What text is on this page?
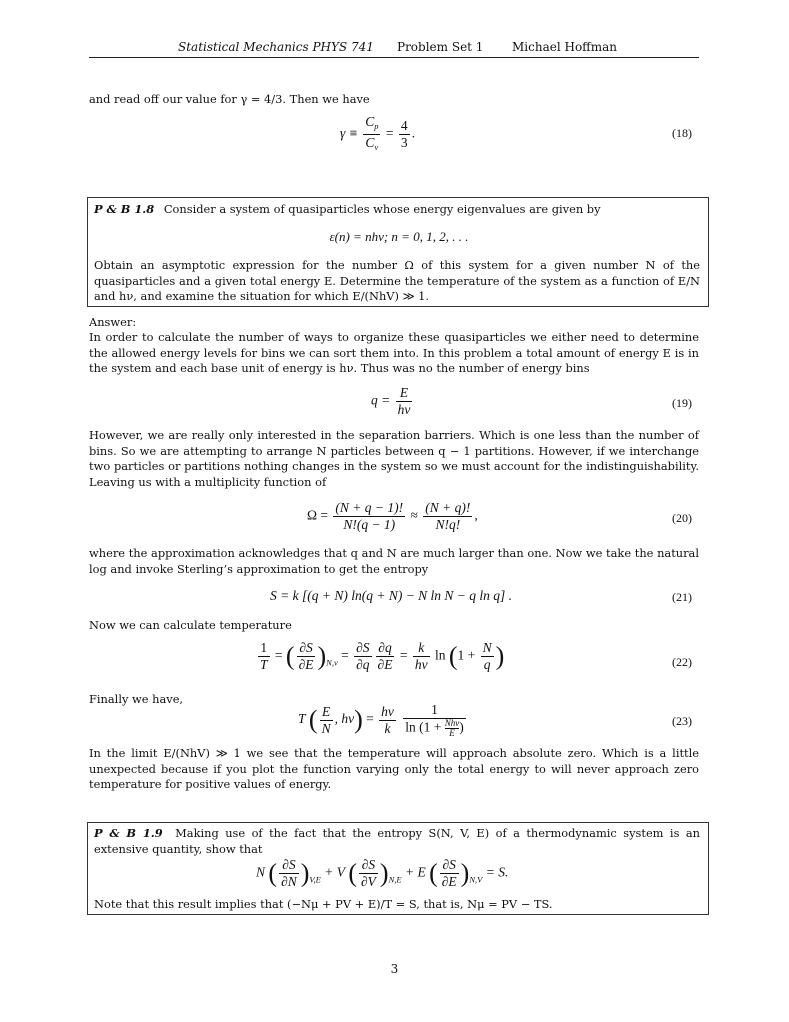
Statistical Mechanics PHYS 741 Problem Set 1 Michael Hoffman
and read off our value for γ = 4/3. Then we have
$\gamma \equiv \frac{C_p}{C_v} = \frac{4}{3}$ .	(18)
P & B 1.8 Consider a system of quasiparticles whose energy eigenvalues are given by
ε(n) = nhν; n = 0, 1, 2, . . .
Obtain an asymptotic expression for the number Ω of this system for a given number N of the quasiparticles and a given total energy E. Determine the temperature of the system as a function of E/N and hν, and examine the situation for which E/(NhV) ≫ 1.
Answer:
In order to calculate the number of ways to organize these quasiparticles we either need to determine the allowed energy levels for bins we can sort them into. In this problem a total amount of energy E is in the system and each base unit of energy is hν. Thus was no the number of energy bins
$q = \frac{E}{h\nu}$	(19)
However, we are really only interested in the separation barriers. Which is one less than the number of bins. So we are attempting to arrange N particles between q − 1 partitions. However, if we interchange two particles or partitions nothing changes in the system so we must account for the indistinguishability. Leaving us with a multiplicity function of
$\Omega = \frac{(N + q - 1)!}{N!(q - 1)} \approx \frac{(N + q)!}{N!q!}$ ,	(20)
where the approximation acknowledges that q and N are much larger than one. Now we take the natural log and invoke Sterling’s approximation to get the entropy
S = k [(q + N) ln(q + N) − N ln N − q ln q] .	(21)
Now we can calculate temperature
$\frac{1}{T}$ = ( $\frac{\partial S}{\partial E} )_{N,v} = \frac{\partial S}{\partial q} \frac{\partial q}{\partial E} = \frac{k}{h\nu}$ $\ln (1 + \frac{N}{q}$ )	(22)
Finally we have,
T ( $\frac{E}{N}$ , $h\nu) = \frac{h\nu}{k}$
$\frac{1}{\ln (1 + \frac{\text{Nhν}}{E} )}$	(23)
In the limit E/(NhV) ≫ 1 we see that the temperature will approach absolute zero. Which is a little unexpected because if you plot the function varying only the total energy to will never approach zero temperature for positive values of energy.
P & B 1.9 Making use of the fact that the entropy S(N, V, E) of a thermodynamic system is an extensive quantity, show that
N ( $\frac{\partial S}{\partial N} )_{V,E} + V$ ( $\frac{\partial S}{\partial V} )_{N,E} + E$ ( $\frac{\partial S}{\partial E} )_{N,V} = S$.
Note that this result implies that (−Nμ + PV + E)/T = S, that is, Nμ = PV − TS.
3
